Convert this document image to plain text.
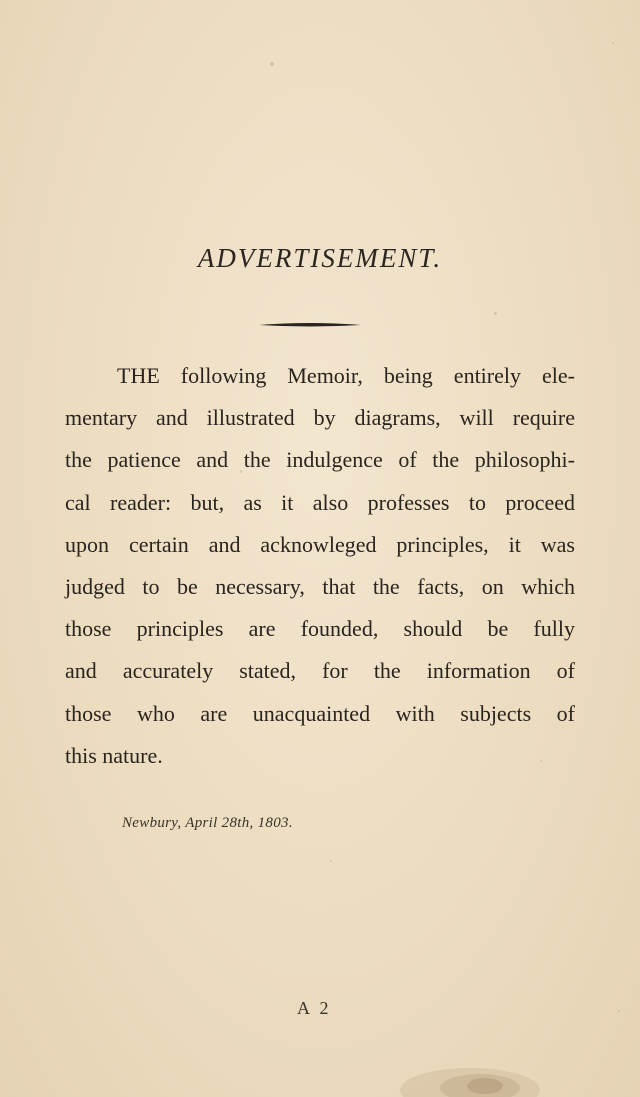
ADVERTISEMENT.
THE following Memoir, being entirely ele-
mentary and illustrated by diagrams, will require
the patience and the indulgence of the philosophi-
cal reader: but, as it also professes to proceed
upon certain and acknowleged principles, it was
judged to be necessary, that the facts, on which
those principles are founded, should be fully
and accurately stated, for the information of
those who are unacquainted with subjects of
this nature.
Newbury, April 28th, 1803.
A 2
